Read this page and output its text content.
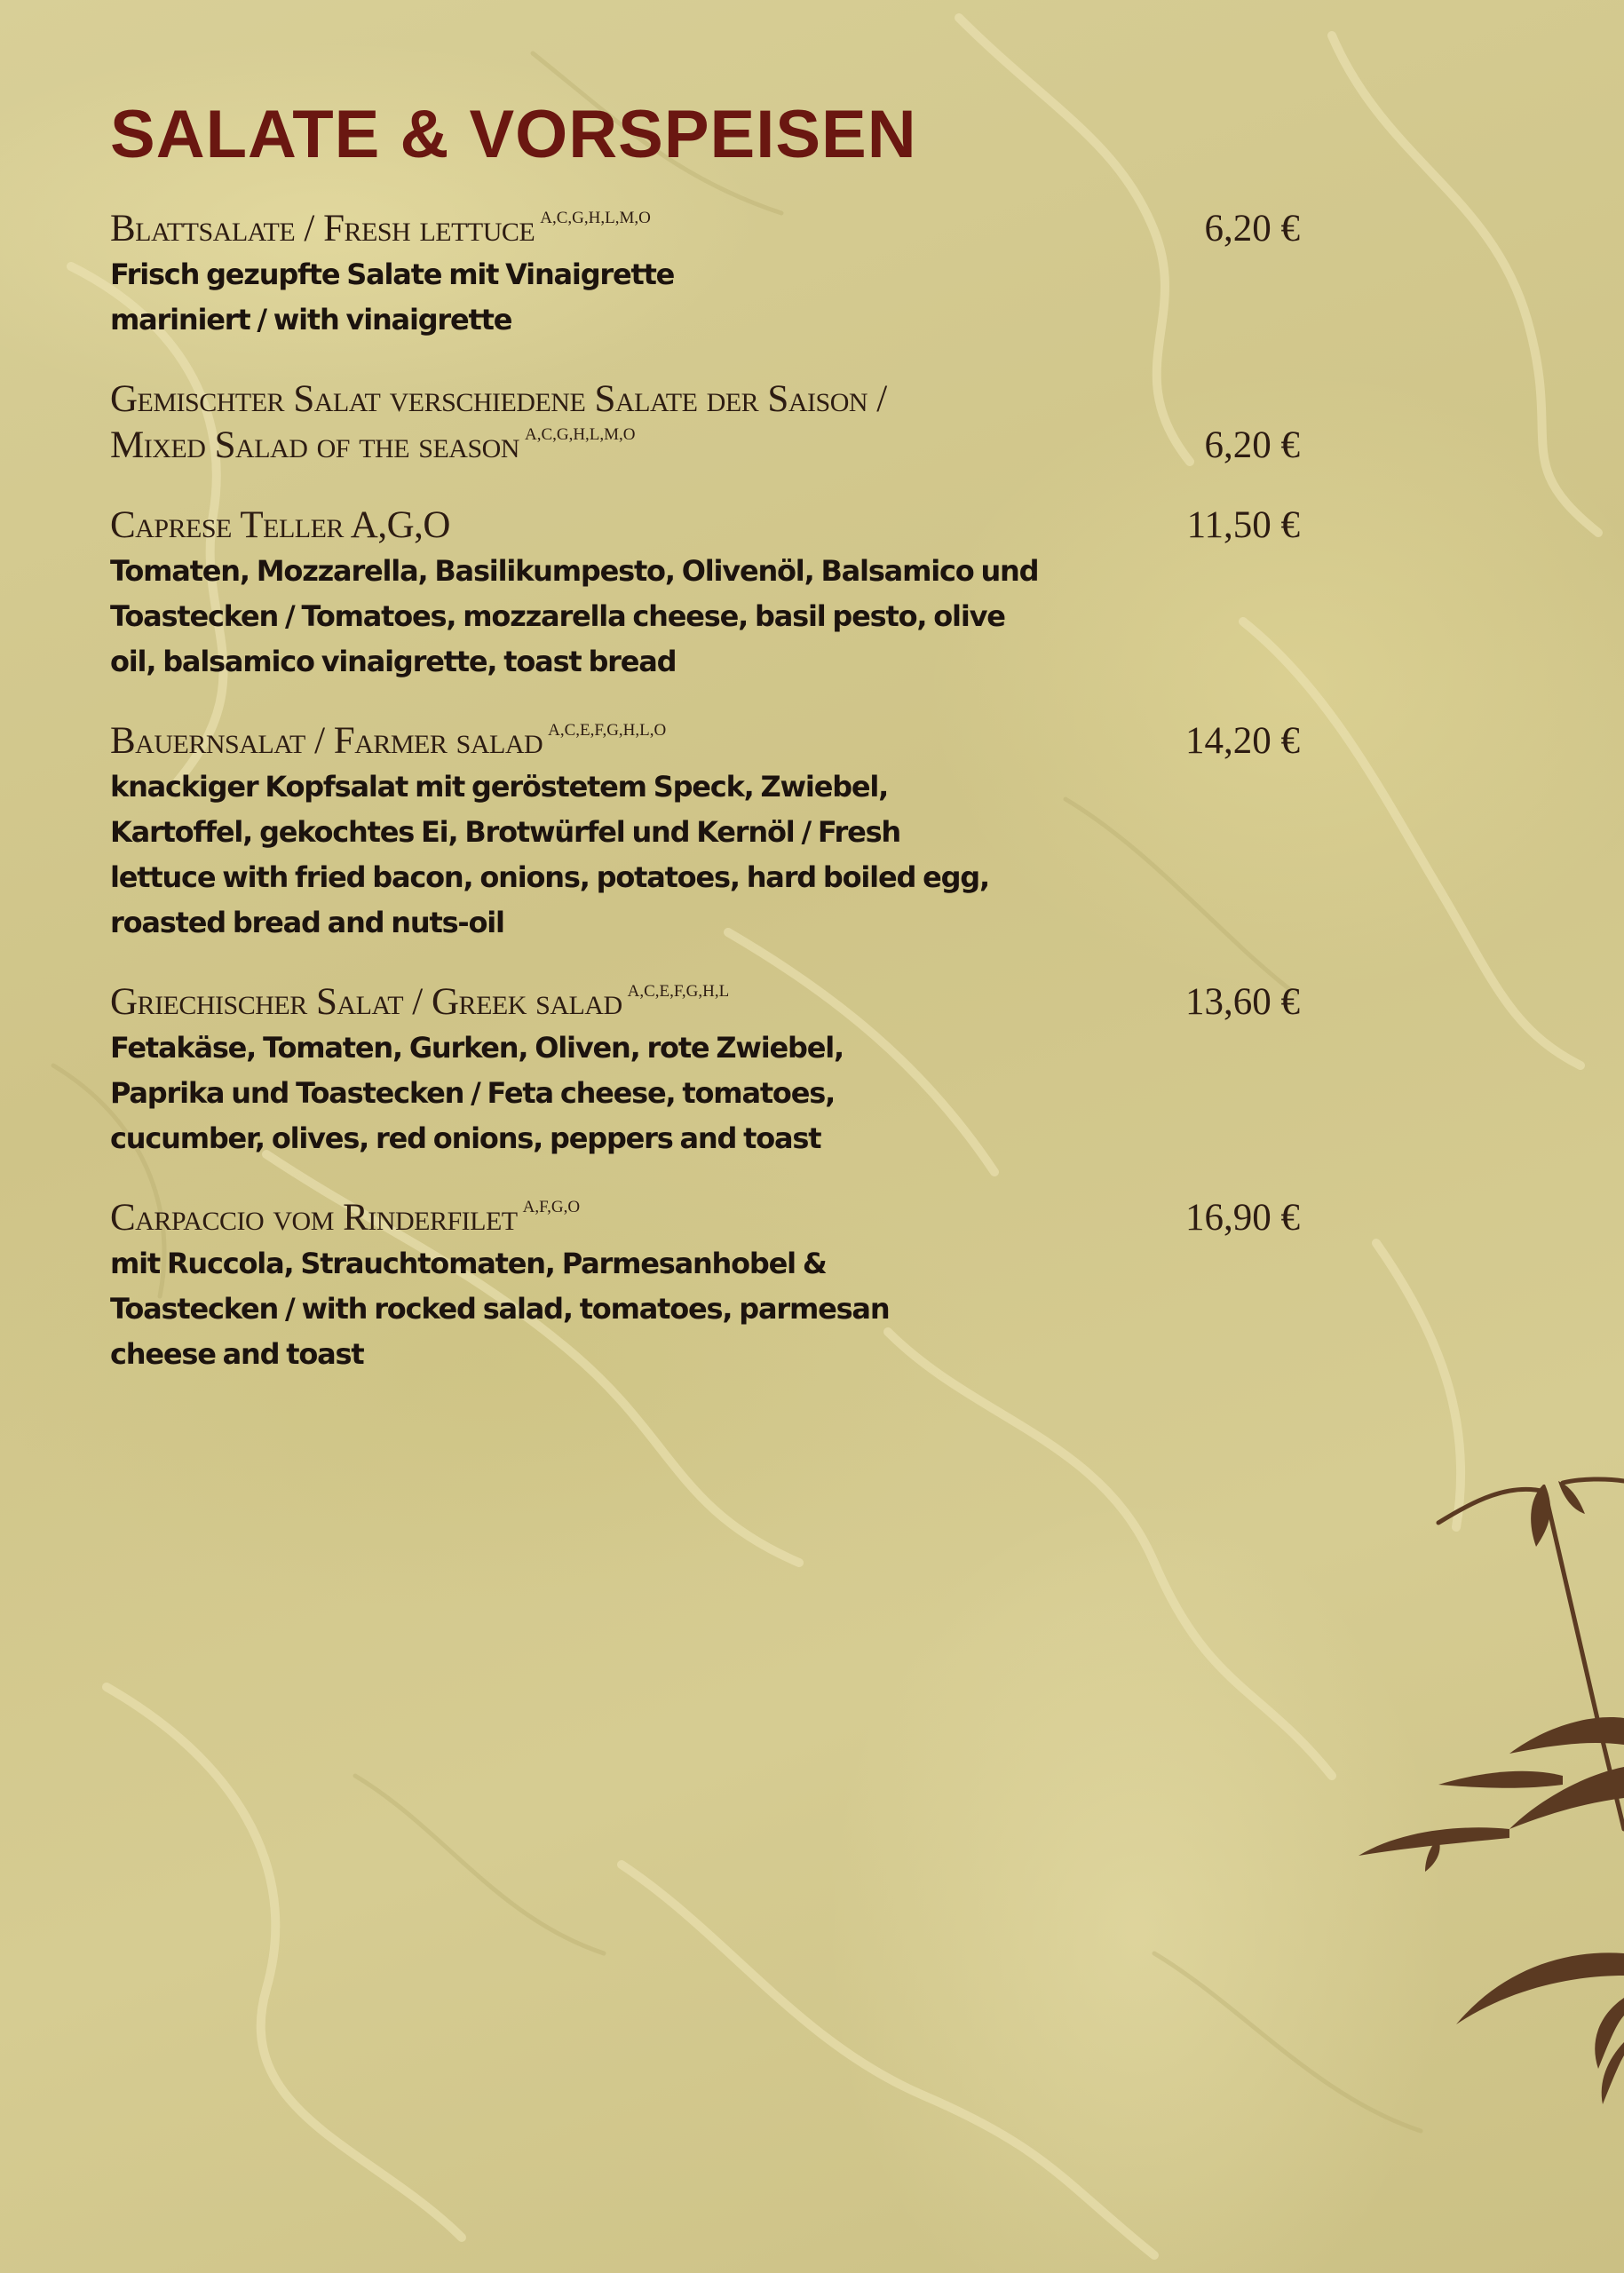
SALATE & VORSPEISEN
Blattsalate / Fresh lettuce A,C,G,H,L,M,O	6,20 €
Frisch gezupfte Salate mit Vinaigrette mariniert / with vinaigrette
Gemischter Salat verschiedene Salate der Saison /
Mixed Salad of the season A,C,G,H,L,M,O	6,20 €
Caprese Teller A,G,O	11,50 €
Tomaten, Mozzarella, Basilikumpesto, Olivenöl, Balsamico und Toastecken / Tomatoes, mozzarella cheese, basil pesto, olive oil, balsamico vinaigrette, toast bread
Bauernsalat / Farmer salad A,C,E,F,G,H,L,O	14,20 €
knackiger Kopfsalat mit geröstetem Speck, Zwiebel, Kartoffel, gekochtes Ei, Brotwürfel und Kernöl / Fresh lettuce with fried bacon, onions, potatoes, hard boiled egg, roasted bread and nuts-oil
Griechischer Salat / Greek salad A,C,E,F,G,H,L	13,60 €
Fetakäse, Tomaten, Gurken, Oliven, rote Zwiebel, Paprika und Toastecken / Feta cheese, tomatoes, cucumber, olives, red onions, peppers and toast
Carpaccio vom Rinderfilet A,F,G,O	16,90 €
mit Ruccola, Strauchtomaten, Parmesanhobel & Toastecken / with rocked salad, tomatoes, parmesan cheese and toast
